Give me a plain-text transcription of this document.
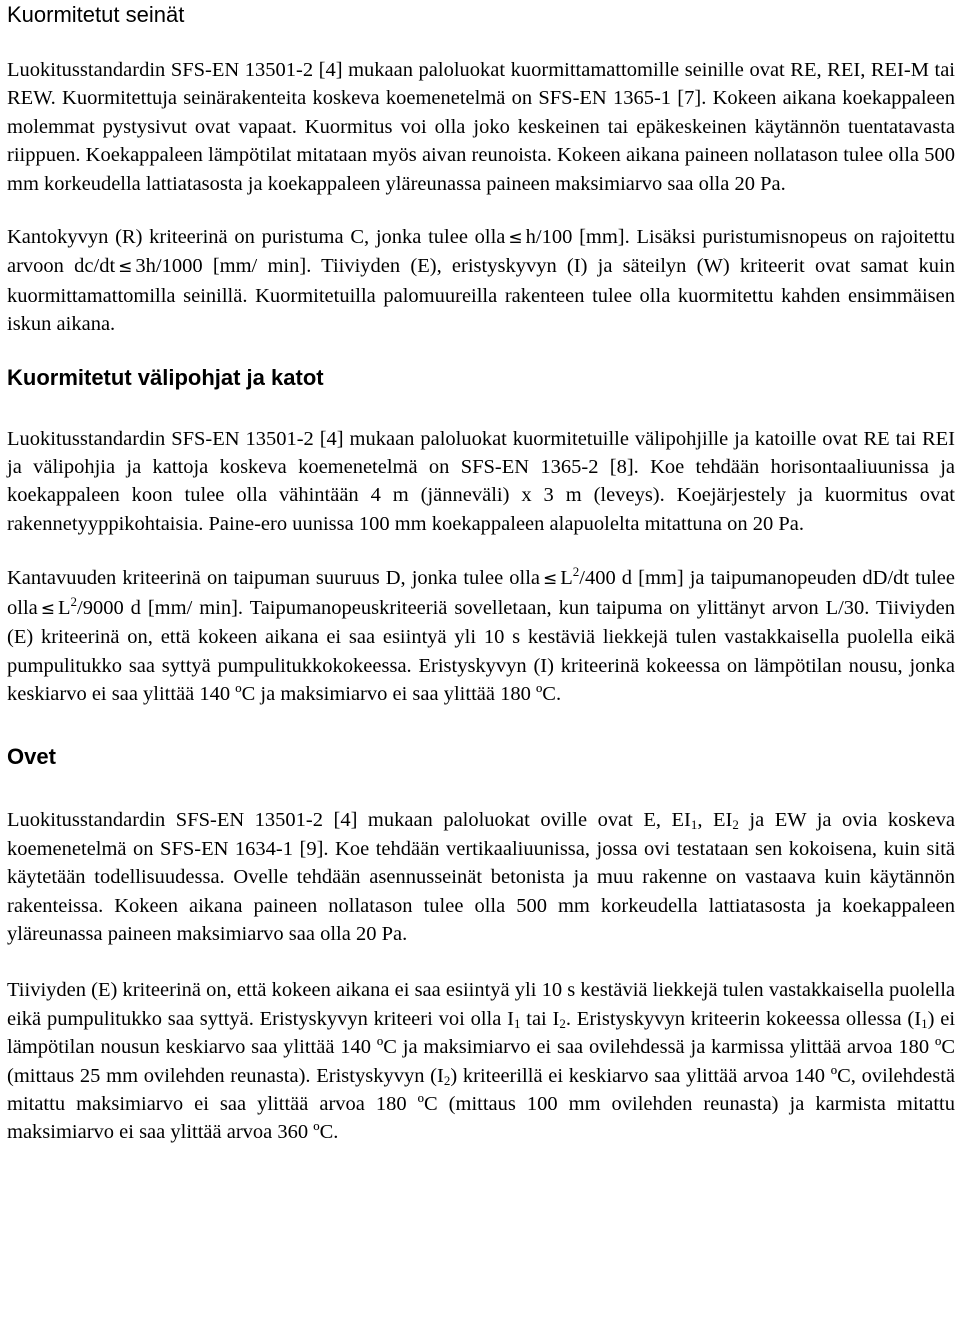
Kuormitetut seinät

Luokitusstandardin SFS-EN 13501-2 [4] mukaan paloluokat kuormittamattomille seinille ovat RE, REI, REI-M tai REW. Kuormitettuja seinärakenteita koskeva koemenetelmä on SFS-EN 1365-1 [7]. Kokeen aikana koekappaleen molemmat pystysivut ovat vapaat. Kuormitus voi olla joko keskeinen tai epäkeskeinen käytännön tuentatavasta riippuen. Koekappaleen lämpötilat mitataan myös aivan reunoista. Kokeen aikana paineen nollatason tulee olla 500 mm korkeudella lattiatasosta ja koekappaleen yläreunassa paineen maksimiarvo saa olla 20 Pa.

Kantokyvyn (R) kriteerinä on puristuma C, jonka tulee olla ≤ h/100 [mm]. Lisäksi puristumisnopeus on rajoitettu arvoon dc/dt ≤ 3h/1000 [mm/ min]. Tiiviyden (E), eristyskyvyn (I) ja säteilyn (W) kriteerit ovat samat kuin kuormittamattomilla seinillä. Kuormitetuilla palomuureilla rakenteen tulee olla kuormitettu kahden ensimmäisen iskun aikana.

Kuormitetut välipohjat ja katot

Luokitusstandardin SFS-EN 13501-2 [4] mukaan paloluokat kuormitetuille välipohjille ja katoille ovat RE tai REI ja välipohjia ja kattoja koskeva koemenetelmä on SFS-EN 1365-2 [8]. Koe tehdään horisontaaliuunissa ja koekappaleen koon tulee olla vähintään 4 m (jänneväli) x 3 m (leveys). Koejärjestely ja kuormitus ovat rakennetyyppikohtaisia. Paine-ero uunissa 100 mm koekappaleen alapuolelta mitattuna on 20 Pa.

Kantavuuden kriteerinä on taipuman suuruus D, jonka tulee olla ≤ $L^2/400$ d [mm] ja taipumanopeuden dD/dt tulee olla ≤ $L^2/9000$ d [mm/ min]. Taipumanopeuskriteeriä sovelletaan, kun taipuma on ylittänyt arvon L/30. Tiiviyden (E) kriteerinä on, että kokeen aikana ei saa esiintyä yli 10 s kestäviä liekkejä tulen vastakkaisella puolella eikä pumpulitukko saa syttyä pumpulitukkokokeessa. Eristyskyvyn (I) kriteerinä kokeessa on lämpötilan nousu, jonka keskiarvo ei saa ylittää 140 ºC ja maksimiarvo ei saa ylittää 180 ºC.

Ovet

Luokitusstandardin SFS-EN 13501-2 [4] mukaan paloluokat oville ovat E, $EI_1$, $EI_2$ ja EW ja ovia koskeva koemenetelmä on SFS-EN 1634-1 [9]. Koe tehdään vertikaaliuunissa, jossa ovi testataan sen kokoisena, kuin sitä käytetään todellisuudessa. Ovelle tehdään asennusseinät betonista ja muu rakenne on vastaava kuin käytännön rakenteissa. Kokeen aikana paineen nollatason tulee olla 500 mm korkeudella lattiatasosta ja koekappaleen yläreunassa paineen maksimiarvo saa olla 20 Pa.

Tiiviyden (E) kriteerinä on, että kokeen aikana ei saa esiintyä yli 10 s kestäviä liekkejä tulen vastakkaisella puolella eikä pumpulitukko saa syttyä. Eristyskyvyn kriteeri voi olla $I_1$ tai $I_2$. Eristyskyvyn kriteerin kokeessa ollessa $(I_1)$ ei lämpötilan nousun keskiarvo saa ylittää 140 ºC ja maksimiarvo ei saa ovilehdessä ja karmissa ylittää arvoa 180 ºC (mittaus 25 mm ovilehden reunasta). Eristyskyvyn $(I_2)$ kriteerillä ei keskiarvo saa ylittää arvoa 140 ºC, ovilehdestä mitattu maksimiarvo ei saa ylittää arvoa 180 ºC (mittaus 100 mm ovilehden reunasta) ja karmista mitattu maksimiarvo ei saa ylittää arvoa 360 ºC.
